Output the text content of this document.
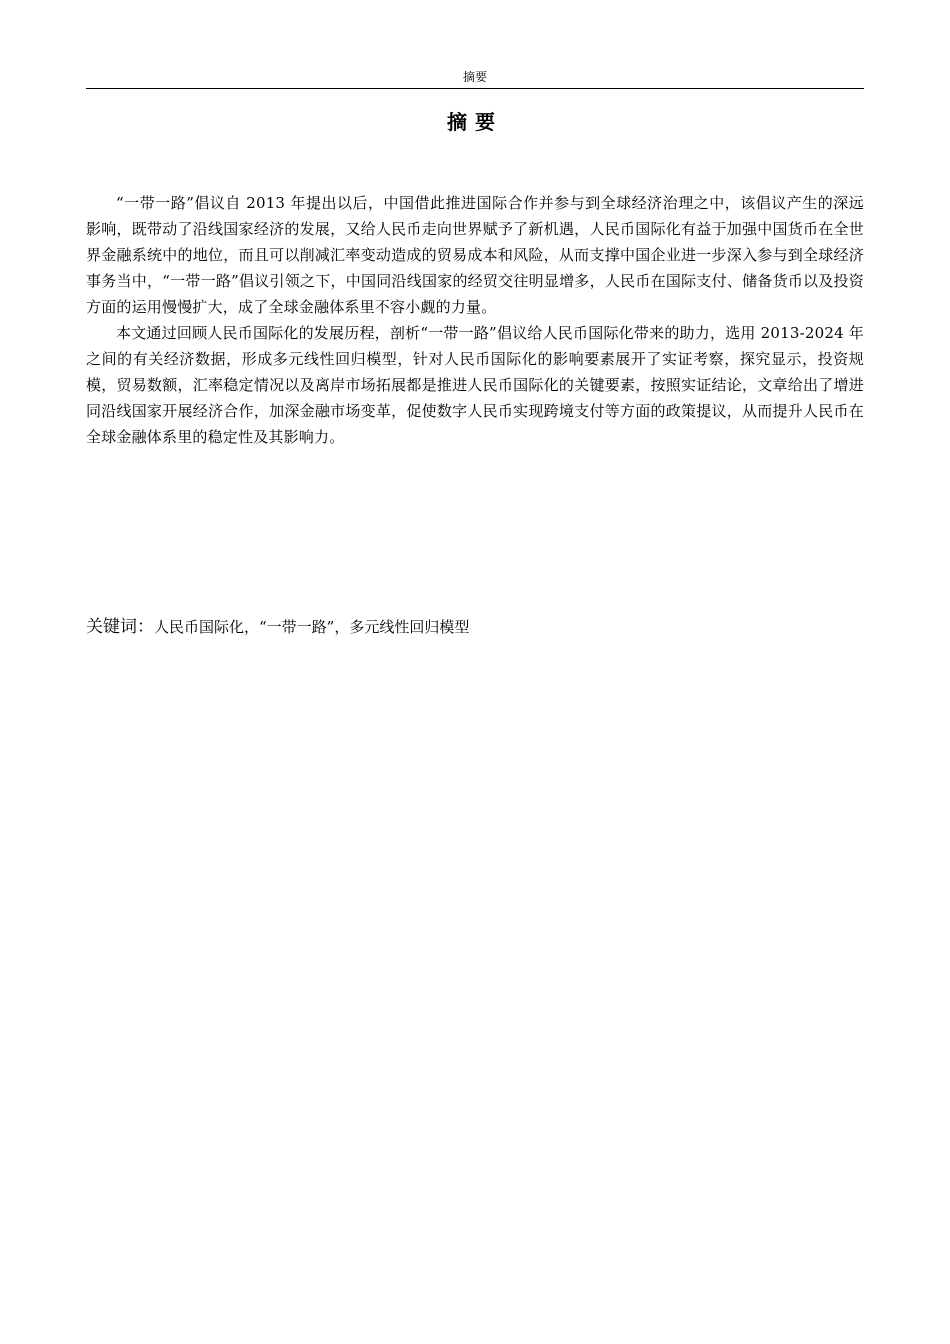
摘要
摘要

“一带一路”倡议自 2013 年提出以后，中国借此推进国际合作并参与到全球经济治理之中，该倡议产生的深远影响，既带动了沿线国家经济的发展，又给人民币走向世界赋予了新机遇，人民币国际化有益于加强中国货币在全世界金融系统中的地位，而且可以削减汇率变动造成的贸易成本和风险，从而支撑中国企业进一步深入参与到全球经济事务当中，“一带一路”倡议引领之下，中国同沿线国家的经贸交往明显增多，人民币在国际支付、储备货币以及投资方面的运用慢慢扩大，成了全球金融体系里不容小觑的力量。

本文通过回顾人民币国际化的发展历程，剖析“一带一路”倡议给人民币国际化带来的助力，选用 2013-2024 年之间的有关经济数据，形成多元线性回归模型，针对人民币国际化的影响要素展开了实证考察，探究显示，投资规模，贸易数额，汇率稳定情况以及离岸市场拓展都是推进人民币国际化的关键要素，按照实证结论，文章给出了增进同沿线国家开展经济合作，加深金融市场变革，促使数字人民币实现跨境支付等方面的政策提议，从而提升人民币在全球金融体系里的稳定性及其影响力。

关键词：人民币国际化，“一带一路”，多元线性回归模型
